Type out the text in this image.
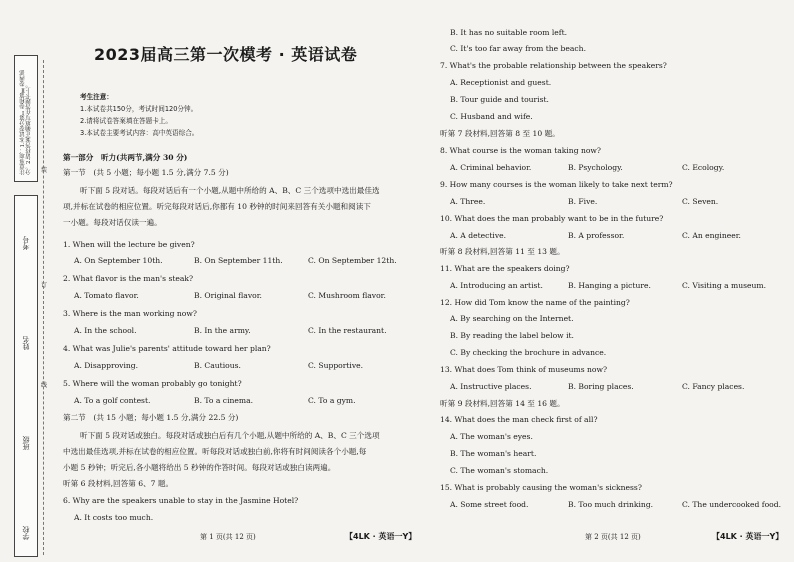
注意事项：1.本试卷分第Ⅰ卷和第Ⅱ卷两部分。2.请将答案正确填写在答题卡上。
考号
姓名
班级
学校
装
订
线
2023届高三第一次模考 · 英语试卷
考生注意：
1.本试卷共150分，考试时间120分钟。
2.请将试卷答案填在答题卡上。
3.本试卷主要考试内容：高中英语综合。
第一部分　听力(共两节,满分 30 分)
第一节　(共 5 小题；每小题 1.5 分,满分 7.5 分)
听下面 5 段对话。每段对话后有一个小题,从题中所给的 A、B、C 三个选项中选出最佳选
项,并标在试卷的相应位置。听完每段对话后,你都有 10 秒钟的时间来回答有关小题和阅读下
一小题。每段对话仅读一遍。
1. When will the lecture be given?
A. On September 10th.	B. On September 11th.	C. On September 12th.
2. What flavor is the man's steak?
A. Tomato flavor.	B. Original flavor.	C. Mushroom flavor.
3. Where is the man working now?
A. In the school.	B. In the army.	C. In the restaurant.
4. What was Julie's parents' attitude toward her plan?
A. Disapproving.	B. Cautious.	C. Supportive.
5. Where will the woman probably go tonight?
A. To a golf contest.	B. To a cinema.	C. To a gym.
第二节　(共 15 小题；每小题 1.5 分,满分 22.5 分)
听下面 5 段对话或独白。每段对话或独白后有几个小题,从题中所给的 A、B、C 三个选项
中选出最佳选项,并标在试卷的相应位置。听每段对话或独白前,你将有时间阅读各个小题,每
小题 5 秒钟；听完后,各小题将给出 5 秒钟的作答时间。每段对话或独白读两遍。
听第 6 段材料,回答第 6、7 题。
6. Why are the speakers unable to stay in the Jasmine Hotel?
A. It costs too much.
第 1 页(共 12 页)	【4LK · 英语一Y】
B. It has no suitable room left.
C. It's too far away from the beach.
7. What's the probable relationship between the speakers?
A. Receptionist and guest.
B. Tour guide and tourist.
C. Husband and wife.
听第 7 段材料,回答第 8 至 10 题。
8. What course is the woman taking now?
A. Criminal behavior.	B. Psychology.	C. Ecology.
9. How many courses is the woman likely to take next term?
A. Three.	B. Five.	C. Seven.
10. What does the man probably want to be in the future?
A. A detective.	B. A professor.	C. An engineer.
听第 8 段材料,回答第 11 至 13 题。
11. What are the speakers doing?
A. Introducing an artist.	B. Hanging a picture.	C. Visiting a museum.
12. How did Tom know the name of the painting?
A. By searching on the Internet.
B. By reading the label below it.
C. By checking the brochure in advance.
13. What does Tom think of museums now?
A. Instructive places.	B. Boring places.	C. Fancy places.
听第 9 段材料,回答第 14 至 16 题。
14. What does the man check first of all?
A. The woman's eyes.
B. The woman's heart.
C. The woman's stomach.
15. What is probably causing the woman's sickness?
A. Some street food.	B. Too much drinking.	C. The undercooked food.
第 2 页(共 12 页)	【4LK · 英语一Y】
